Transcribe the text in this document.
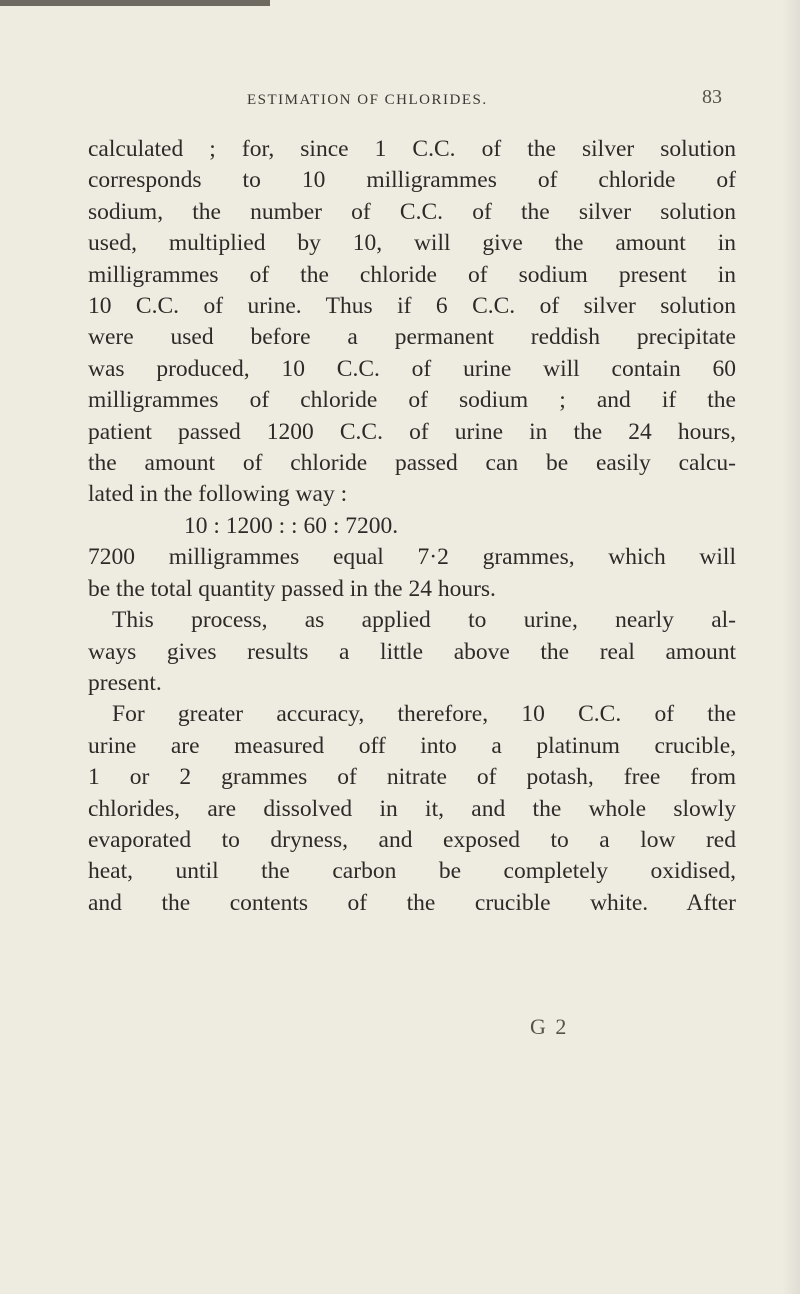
ESTIMATION OF CHLORIDES.	83
calculated ; for, since 1 C.C. of the silver solution
corresponds to 10 milligrammes of chloride of
sodium, the number of C.C. of the silver solution
used, multiplied by 10, will give the amount in
milligrammes of the chloride of sodium present in
10 C.C. of urine. Thus if 6 C.C. of silver solution
were used before a permanent reddish precipitate
was produced, 10 C.C. of urine will contain 60
milligrammes of chloride of sodium ; and if the
patient passed 1200 C.C. of urine in the 24 hours,
the amount of chloride passed can be easily calcu-
lated in the following way :
10 : 1200 : : 60 : 7200.
7200 milligrammes equal 7·2 grammes, which will
be the total quantity passed in the 24 hours.
This process, as applied to urine, nearly al-
ways gives results a little above the real amount
present.
For greater accuracy, therefore, 10 C.C. of the
urine are measured off into a platinum crucible,
1 or 2 grammes of nitrate of potash, free from
chlorides, are dissolved in it, and the whole slowly
evaporated to dryness, and exposed to a low red
heat, until the carbon be completely oxidised,
and the contents of the crucible white. After
G 2
